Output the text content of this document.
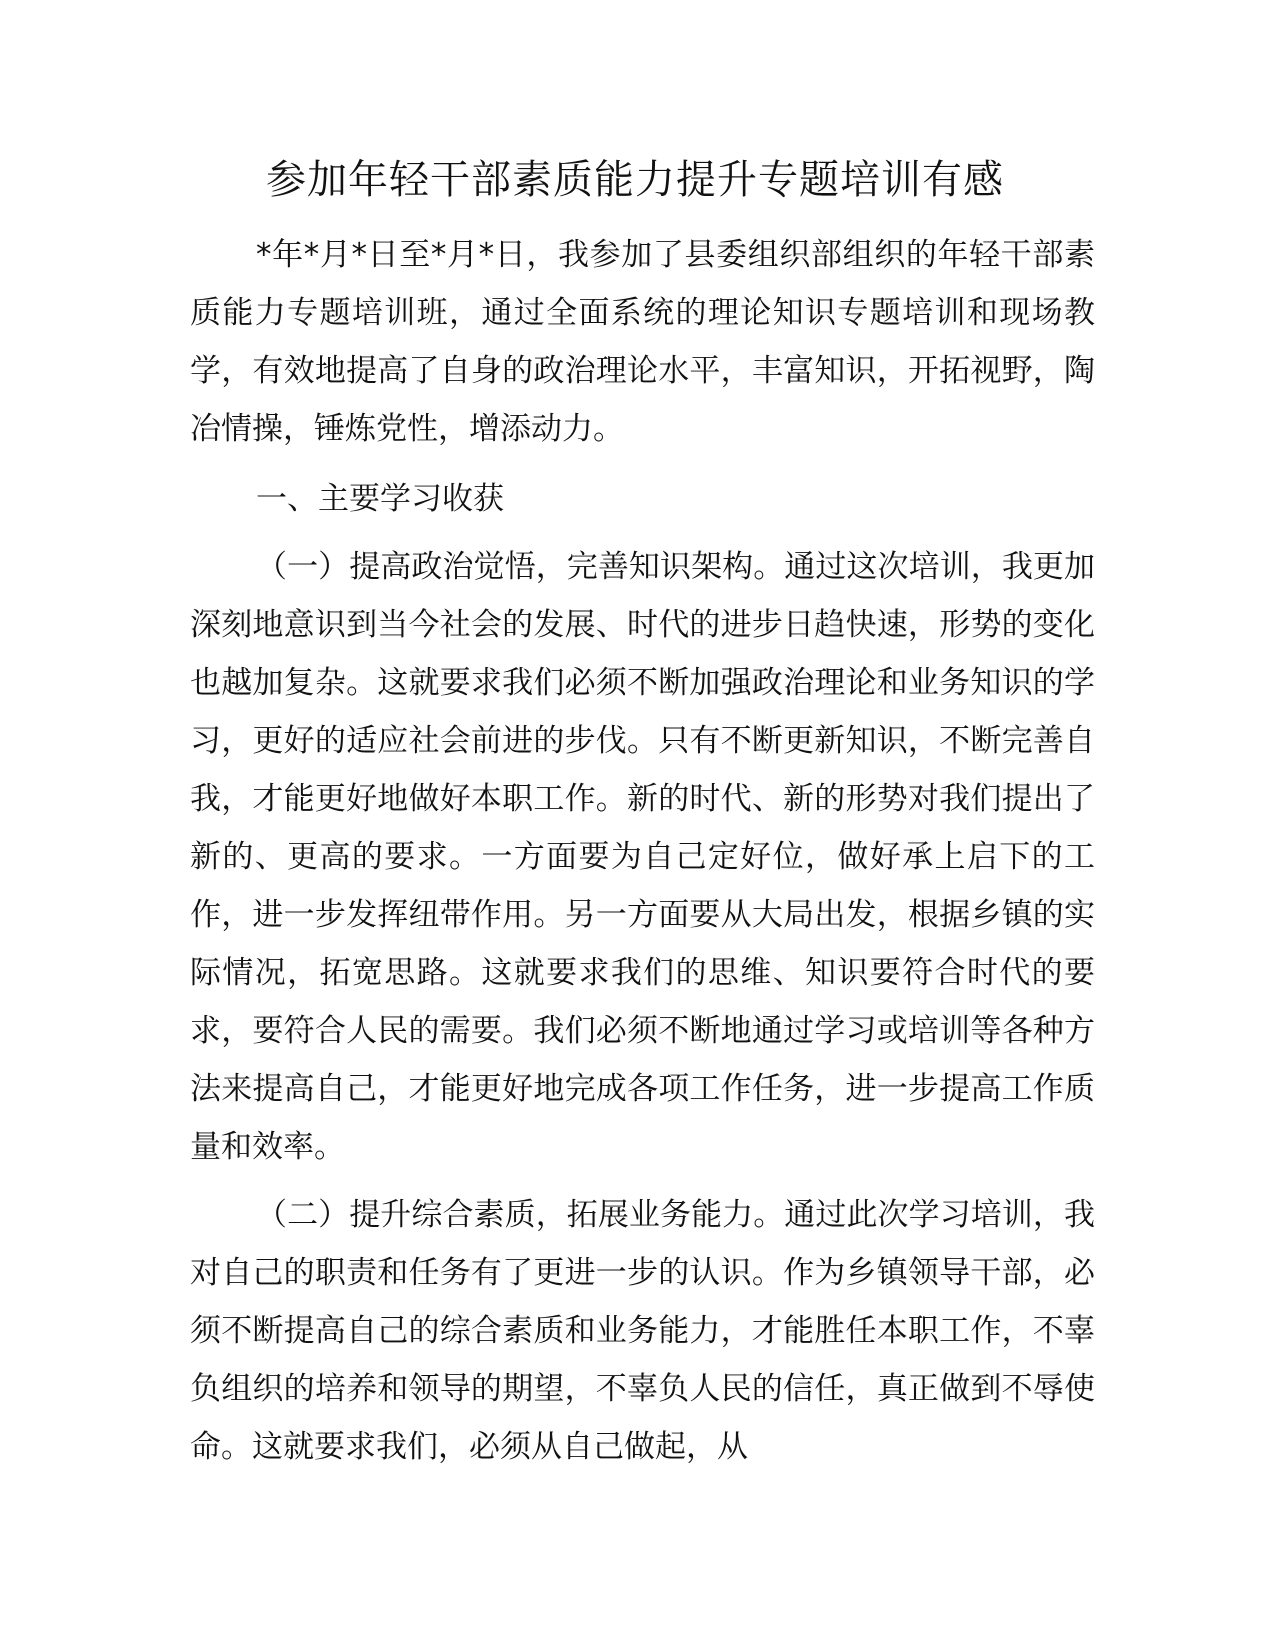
参加年轻干部素质能力提升专题培训有感

*年*月*日至*月*日，我参加了县委组织部组织的年轻干部素质能力专题培训班，通过全面系统的理论知识专题培训和现场教学，有效地提高了自身的政治理论水平，丰富知识，开拓视野，陶冶情操，锤炼党性，增添动力。

一、主要学习收获

（一）提高政治觉悟，完善知识架构。通过这次培训，我更加深刻地意识到当今社会的发展、时代的进步日趋快速，形势的变化也越加复杂。这就要求我们必须不断加强政治理论和业务知识的学习，更好的适应社会前进的步伐。只有不断更新知识，不断完善自我，才能更好地做好本职工作。新的时代、新的形势对我们提出了新的、更高的要求。一方面要为自己定好位，做好承上启下的工作，进一步发挥纽带作用。另一方面要从大局出发，根据乡镇的实际情况，拓宽思路。这就要求我们的思维、知识要符合时代的要求，要符合人民的需要。我们必须不断地通过学习或培训等各种方法来提高自己，才能更好地完成各项工作任务，进一步提高工作质量和效率。

（二）提升综合素质，拓展业务能力。通过此次学习培训，我对自己的职责和任务有了更进一步的认识。作为乡镇领导干部，必须不断提高自己的综合素质和业务能力，才能胜任本职工作，不辜负组织的培养和领导的期望，不辜负人民的信任，真正做到不辱使命。这就要求我们，必须从自己做起，从
